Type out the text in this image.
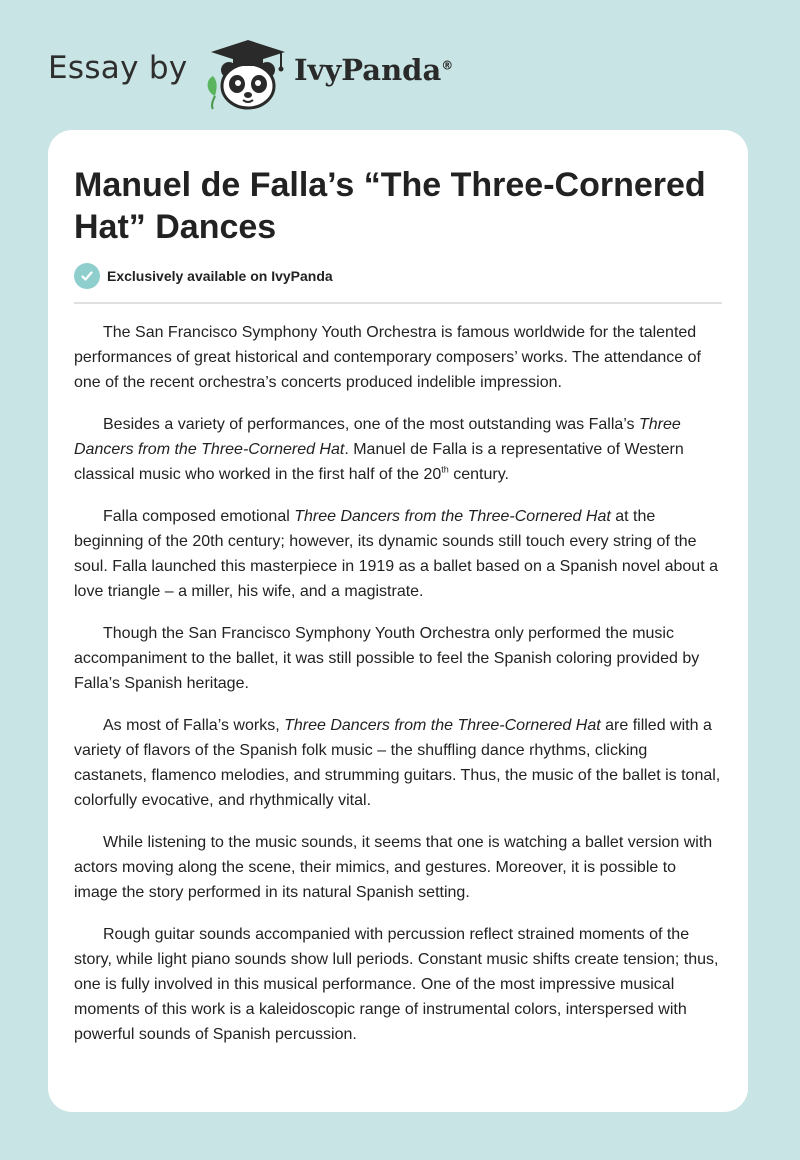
Essay by	IvyPanda®
Manuel de Falla’s “The Three-Cornered Hat” Dances
Exclusively available on IvyPanda

The San Francisco Symphony Youth Orchestra is famous worldwide for the talented performances of great historical and contemporary composers’ works. The attendance of one of the recent orchestra’s concerts produced indelible impression.

Besides a variety of performances, one of the most outstanding was Falla’s Three Dancers from the Three-Cornered Hat. Manuel de Falla is a representative of Western classical music who worked in the first half of the 20th century.

Falla composed emotional Three Dancers from the Three-Cornered Hat at the beginning of the 20th century; however, its dynamic sounds still touch every string of the soul. Falla launched this masterpiece in 1919 as a ballet based on a Spanish novel about a love triangle – a miller, his wife, and a magistrate.

Though the San Francisco Symphony Youth Orchestra only performed the music accompaniment to the ballet, it was still possible to feel the Spanish coloring provided by Falla’s Spanish heritage.

As most of Falla’s works, Three Dancers from the Three-Cornered Hat are filled with a variety of flavors of the Spanish folk music – the shuffling dance rhythms, clicking castanets, flamenco melodies, and strumming guitars. Thus, the music of the ballet is tonal, colorfully evocative, and rhythmically vital.

While listening to the music sounds, it seems that one is watching a ballet version with actors moving along the scene, their mimics, and gestures. Moreover, it is possible to image the story performed in its natural Spanish setting.

Rough guitar sounds accompanied with percussion reflect strained moments of the story, while light piano sounds show lull periods. Constant music shifts create tension; thus, one is fully involved in this musical performance. One of the most impressive musical moments of this work is a kaleidoscopic range of instrumental colors, interspersed with powerful sounds of Spanish percussion.
